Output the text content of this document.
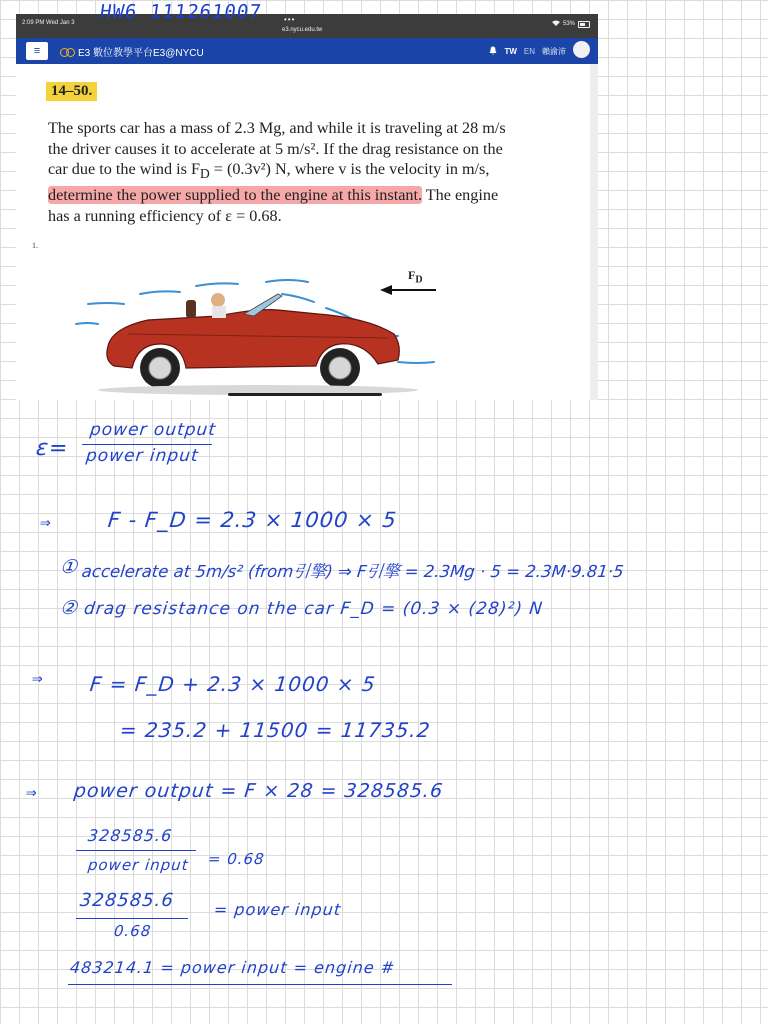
2:09 PM Wed Jan 3	•••
e3.nycu.edu.tw
53%
≡	E3 數位教學平台E3@NYCU	TW EN 賴渝沛
14–50.
1.

The sports car has a mass of 2.3 Mg, and while it is traveling at 28 m/s the driver causes it to accelerate at 5 m/s². If the drag resistance on the car due to the wind is $F_D = (0.3v^2)$ N, where v is the velocity in m/s, determine the power supplied to the engine at this instant. The engine has a running efficiency of ε = 0.68.

$F_D$
HW6 111261007
ε=
power output
power input
⇒	F - F_D = 2.3 × 1000 × 5
① accelerate at 5m/s² (from引擎) ⇒ F引擎 = 2.3Mg · 5 = 2.3M·9.81·5
② drag resistance on the car F_D = (0.3 × (28)²) N
⇒ F = F_D + 2.3 × 1000 × 5
= 235.2 + 11500 = 11735.2
⇒ power output = F × 28 = 328585.6
328585.6
power input = 0.68
328585.6
0.68
= power input
483214.1 = power input = engine #
